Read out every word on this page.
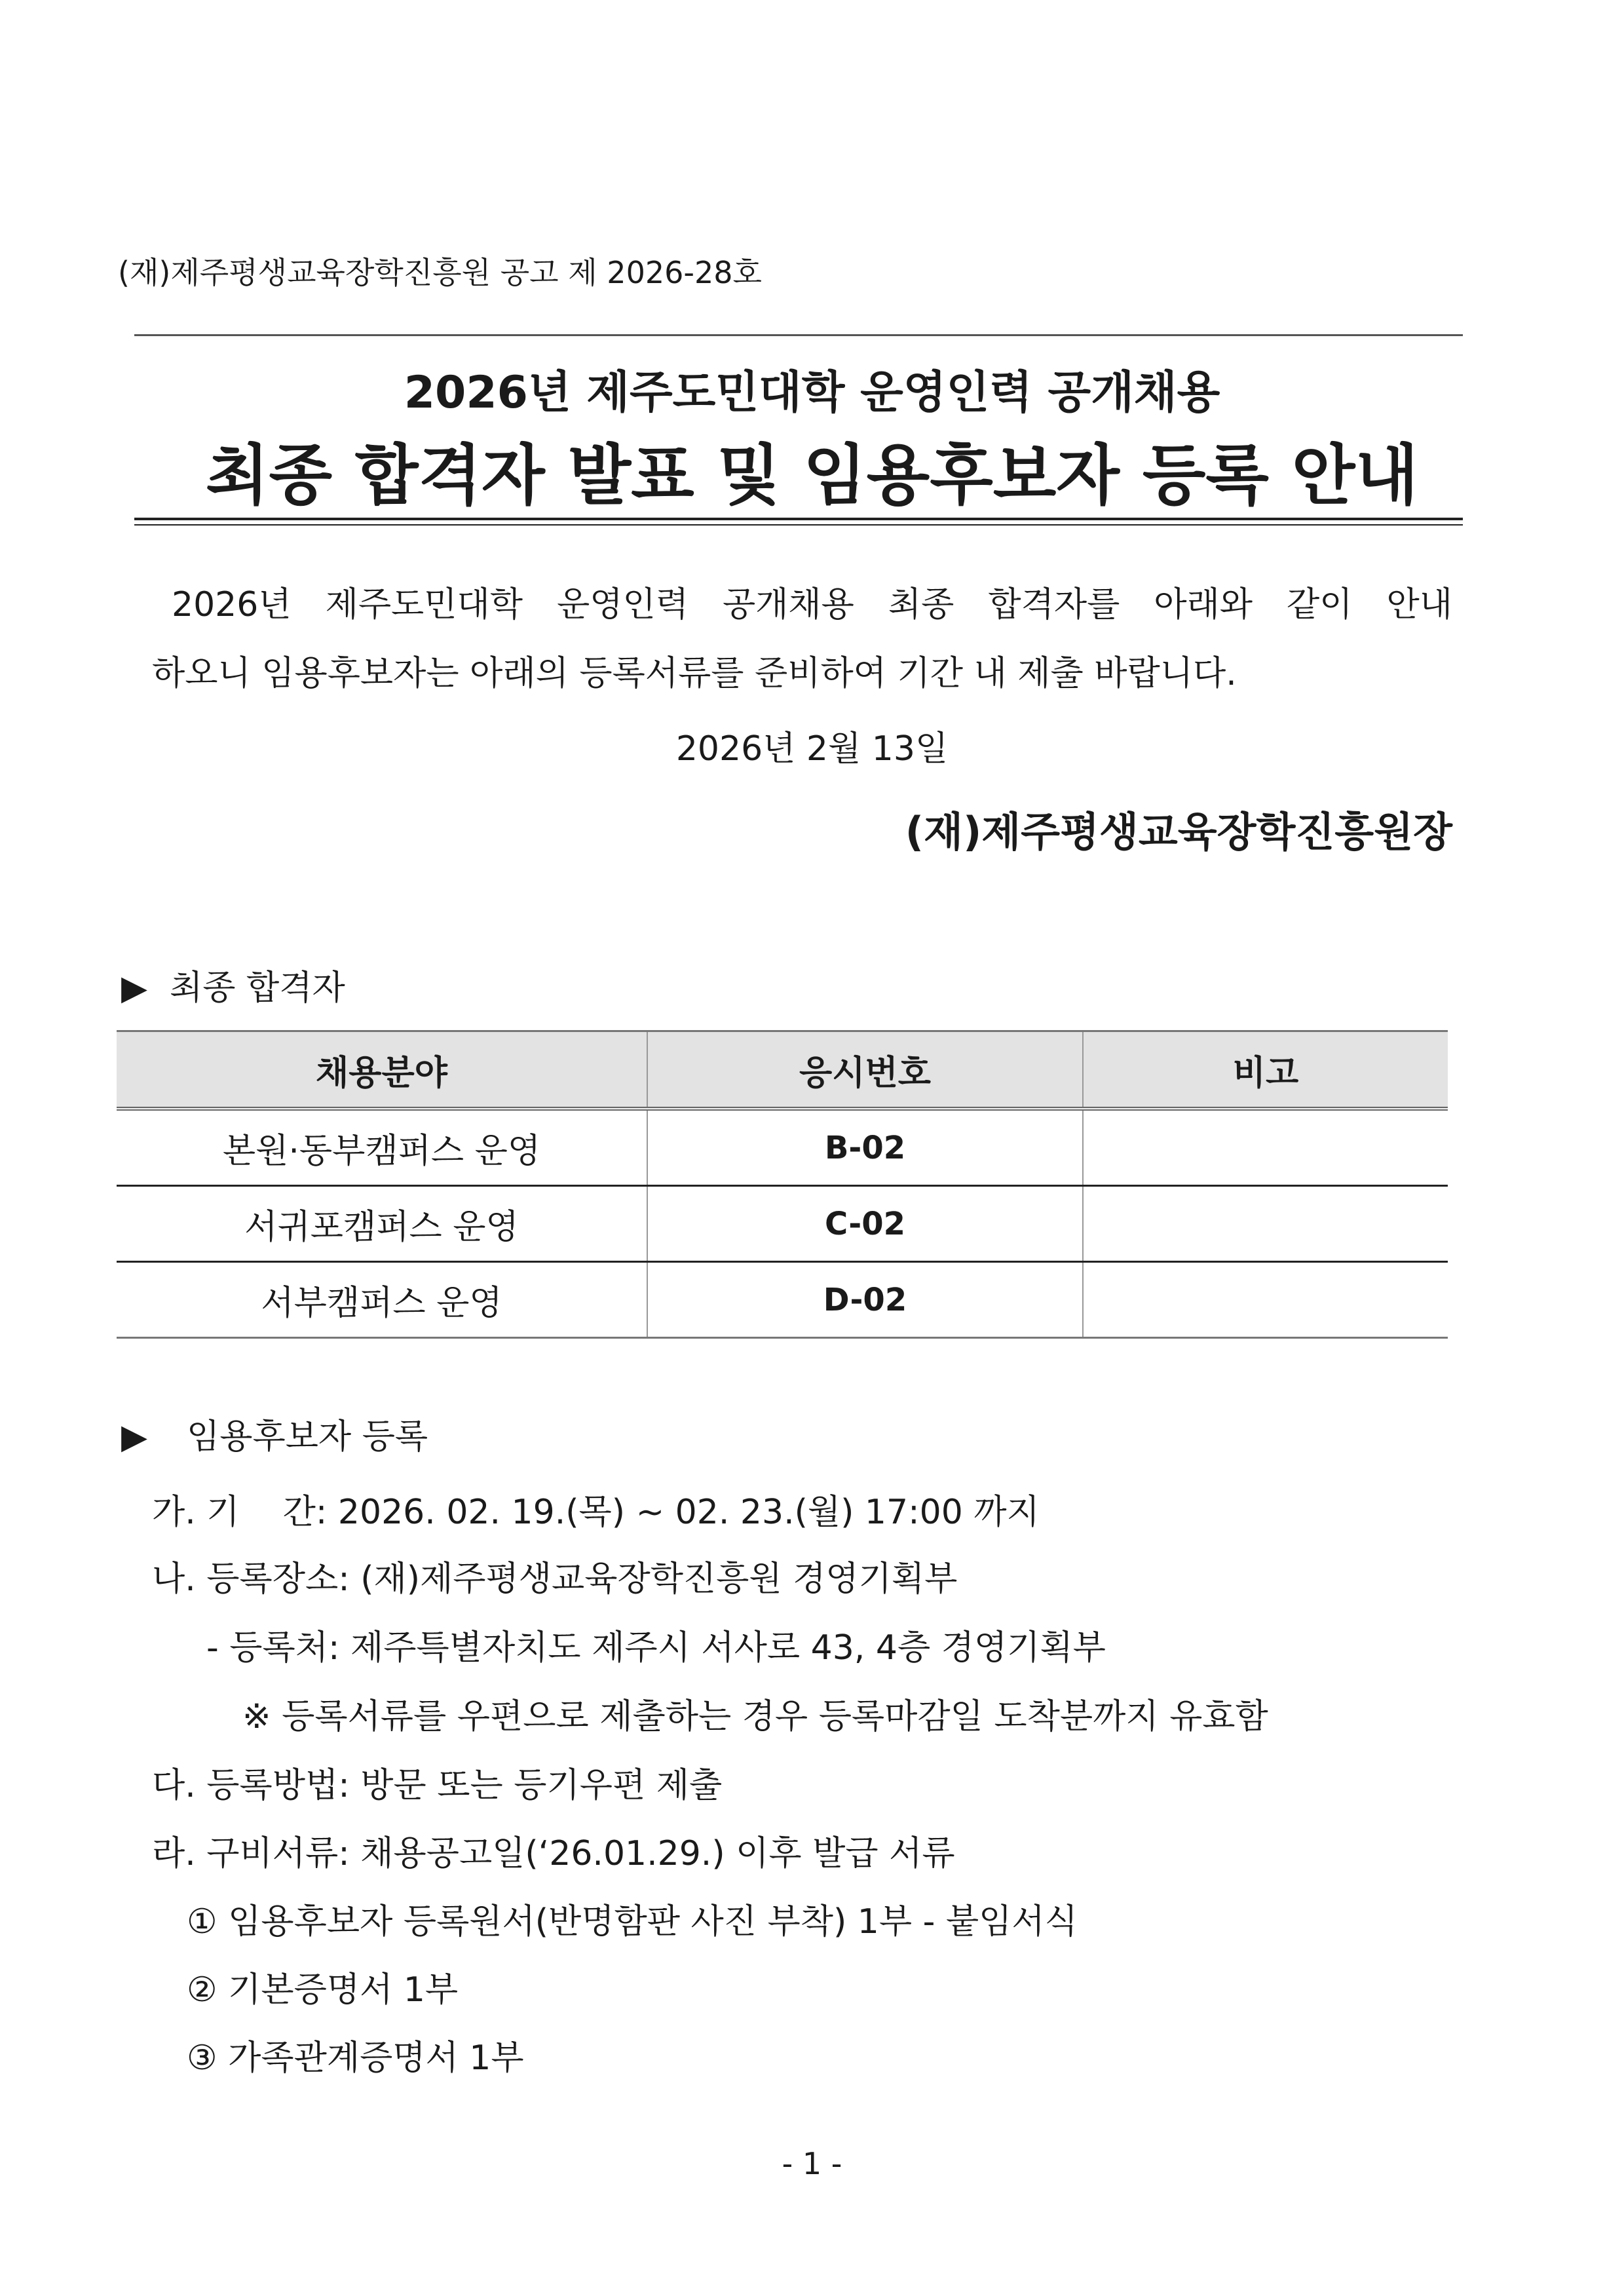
(재)제주평생교육장학진흥원 공고 제 2026-28호
2026년 제주도민대학 운영인력 공개채용
최종 합격자 발표 및 임용후보자 등록 안내
2026년 제주도민대학 운영인력 공개채용 최종 합격자를 아래와 같이 안내
하오니 임용후보자는 아래의 등록서류를 준비하여 기간 내 제출 바랍니다.
2026년 2월 13일
(재)제주평생교육장학진흥원장
▶ 최종 합격자
채용분야	응시번호	비고
본원·동부캠퍼스 운영	B-02	
서귀포캠퍼스 운영	C-02	
서부캠퍼스 운영	D-02	
▶ 임용후보자 등록
가. 기    간: 2026. 02. 19.(목) ~ 02. 23.(월) 17:00 까지
나. 등록장소: (재)제주평생교육장학진흥원 경영기획부
- 등록처: 제주특별자치도 제주시 서사로 43, 4층 경영기획부
※ 등록서류를 우편으로 제출하는 경우 등록마감일 도착분까지 유효함
다. 등록방법: 방문 또는 등기우편 제출
라. 구비서류: 채용공고일(‘26.01.29.) 이후 발급 서류
① 임용후보자 등록원서(반명함판 사진 부착) 1부 - 붙임서식
② 기본증명서 1부
③ 가족관계증명서 1부
- 1 -
